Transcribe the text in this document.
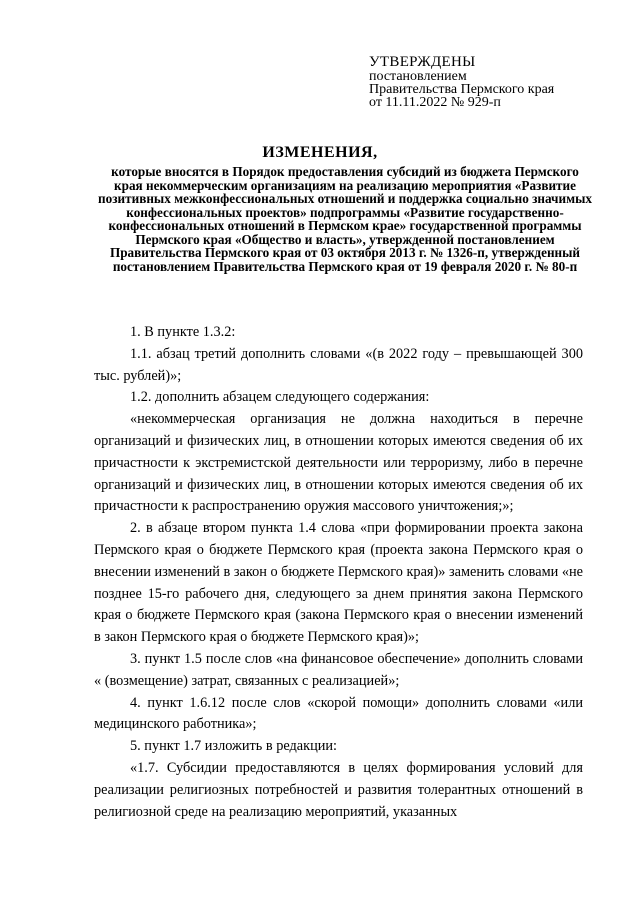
УТВЕРЖДЕНЫ
постановлением
Правительства Пермского края
от 11.11.2022 № 929-п
ИЗМЕНЕНИЯ,
которые вносятся в Порядок предоставления субсидий из бюджета Пермского края некоммерческим организациям на реализацию мероприятия «Развитие позитивных межконфессиональных отношений и поддержка социально значимых конфессиональных проектов» подпрограммы «Развитие государственно-конфессиональных отношений в Пермском крае» государственной программы Пермского края «Общество и власть», утвержденной постановлением Правительства Пермского края от 03 октября 2013 г. № 1326-п, утвержденный постановлением Правительства Пермского края от 19 февраля 2020 г. № 80-п

1. В пункте 1.3.2:

1.1. абзац третий дополнить словами «(в 2022 году – превышающей 300 тыс. рублей)»;

1.2. дополнить абзацем следующего содержания:

«некоммерческая организация не должна находиться в перечне организаций и физических лиц, в отношении которых имеются сведения об их причастности к экстремистской деятельности или терроризму, либо в перечне организаций и физических лиц, в отношении которых имеются сведения об их причастности к распространению оружия массового уничтожения;»;

2. в абзаце втором пункта 1.4 слова «при формировании проекта закона Пермского края о бюджете Пермского края (проекта закона Пермского края о внесении изменений в закон о бюджете Пермского края)» заменить словами «не позднее 15-го рабочего дня, следующего за днем принятия закона Пермского края о бюджете Пермского края (закона Пермского края о внесении изменений в закон Пермского края о бюджете Пермского края)»;

3. пункт 1.5 после слов «на финансовое обеспечение» дополнить словами « (возмещение) затрат, связанных с реализацией»;

4. пункт 1.6.12 после слов «скорой помощи» дополнить словами «или медицинского работника»;

5. пункт 1.7 изложить в редакции:

«1.7. Субсидии предоставляются в целях формирования условий для реализации религиозных потребностей и развития толерантных отношений в религиозной среде на реализацию мероприятий, указанных
